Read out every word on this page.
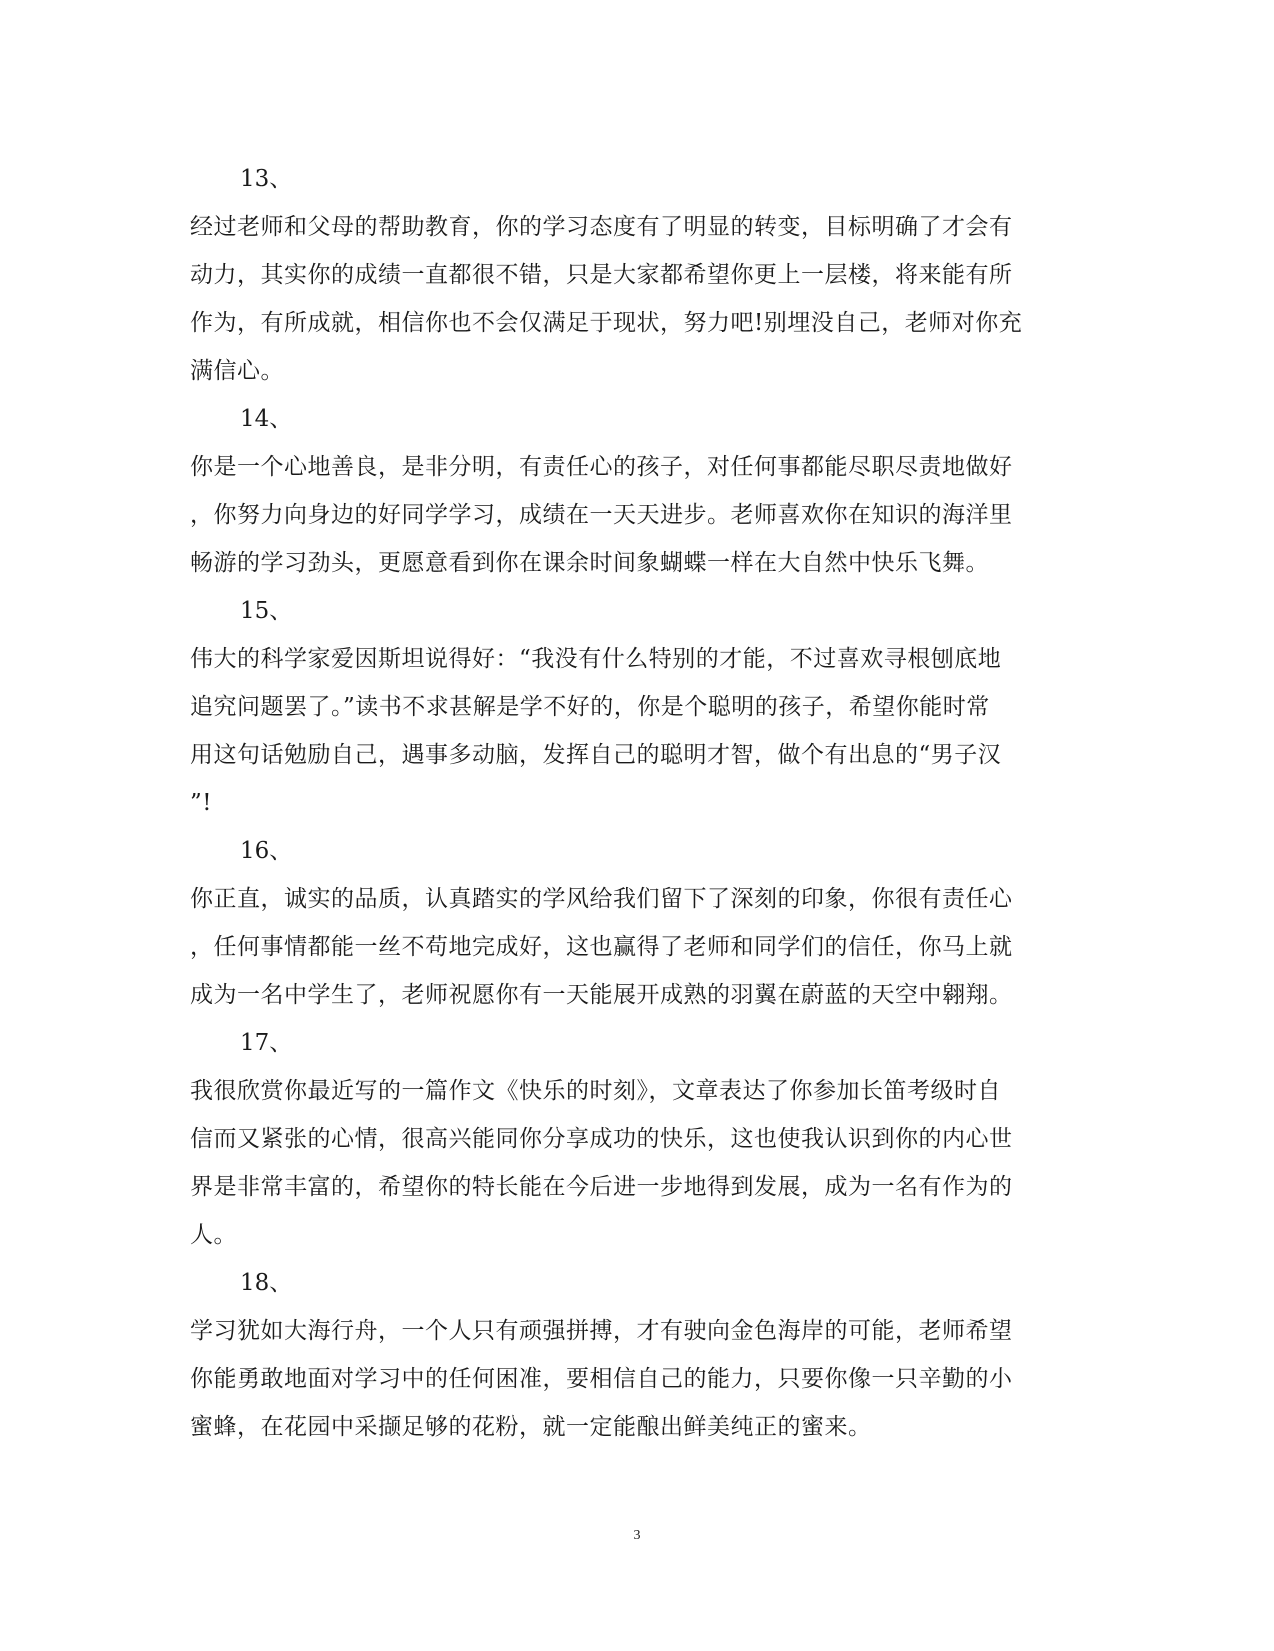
13、
经过老师和父母的帮助教育，你的学习态度有了明显的转变，目标明确了才会有
动力，其实你的成绩一直都很不错，只是大家都希望你更上一层楼，将来能有所
作为，有所成就，相信你也不会仅满足于现状，努力吧!别埋没自己，老师对你充
满信心。
14、
你是一个心地善良，是非分明，有责任心的孩子，对任何事都能尽职尽责地做好
，你努力向身边的好同学学习，成绩在一天天进步。老师喜欢你在知识的海洋里
畅游的学习劲头，更愿意看到你在课余时间象蝴蝶一样在大自然中快乐飞舞。
15、
伟大的科学家爱因斯坦说得好：“我没有什么特别的才能，不过喜欢寻根刨底地
追究问题罢了。”读书不求甚解是学不好的，你是个聪明的孩子，希望你能时常
用这句话勉励自己，遇事多动脑，发挥自己的聪明才智，做个有出息的“男子汉
”!
16、
你正直，诚实的品质，认真踏实的学风给我们留下了深刻的印象，你很有责任心
，任何事情都能一丝不苟地完成好，这也赢得了老师和同学们的信任，你马上就
成为一名中学生了，老师祝愿你有一天能展开成熟的羽翼在蔚蓝的天空中翱翔。
17、
我很欣赏你最近写的一篇作文《快乐的时刻》，文章表达了你参加长笛考级时自
信而又紧张的心情，很高兴能同你分享成功的快乐，这也使我认识到你的内心世
界是非常丰富的，希望你的特长能在今后进一步地得到发展，成为一名有作为的
人。
18、
学习犹如大海行舟，一个人只有顽强拼搏，才有驶向金色海岸的可能，老师希望
你能勇敢地面对学习中的任何困准，要相信自己的能力，只要你像一只辛勤的小
蜜蜂，在花园中采撷足够的花粉，就一定能酿出鲜美纯正的蜜来。
3
